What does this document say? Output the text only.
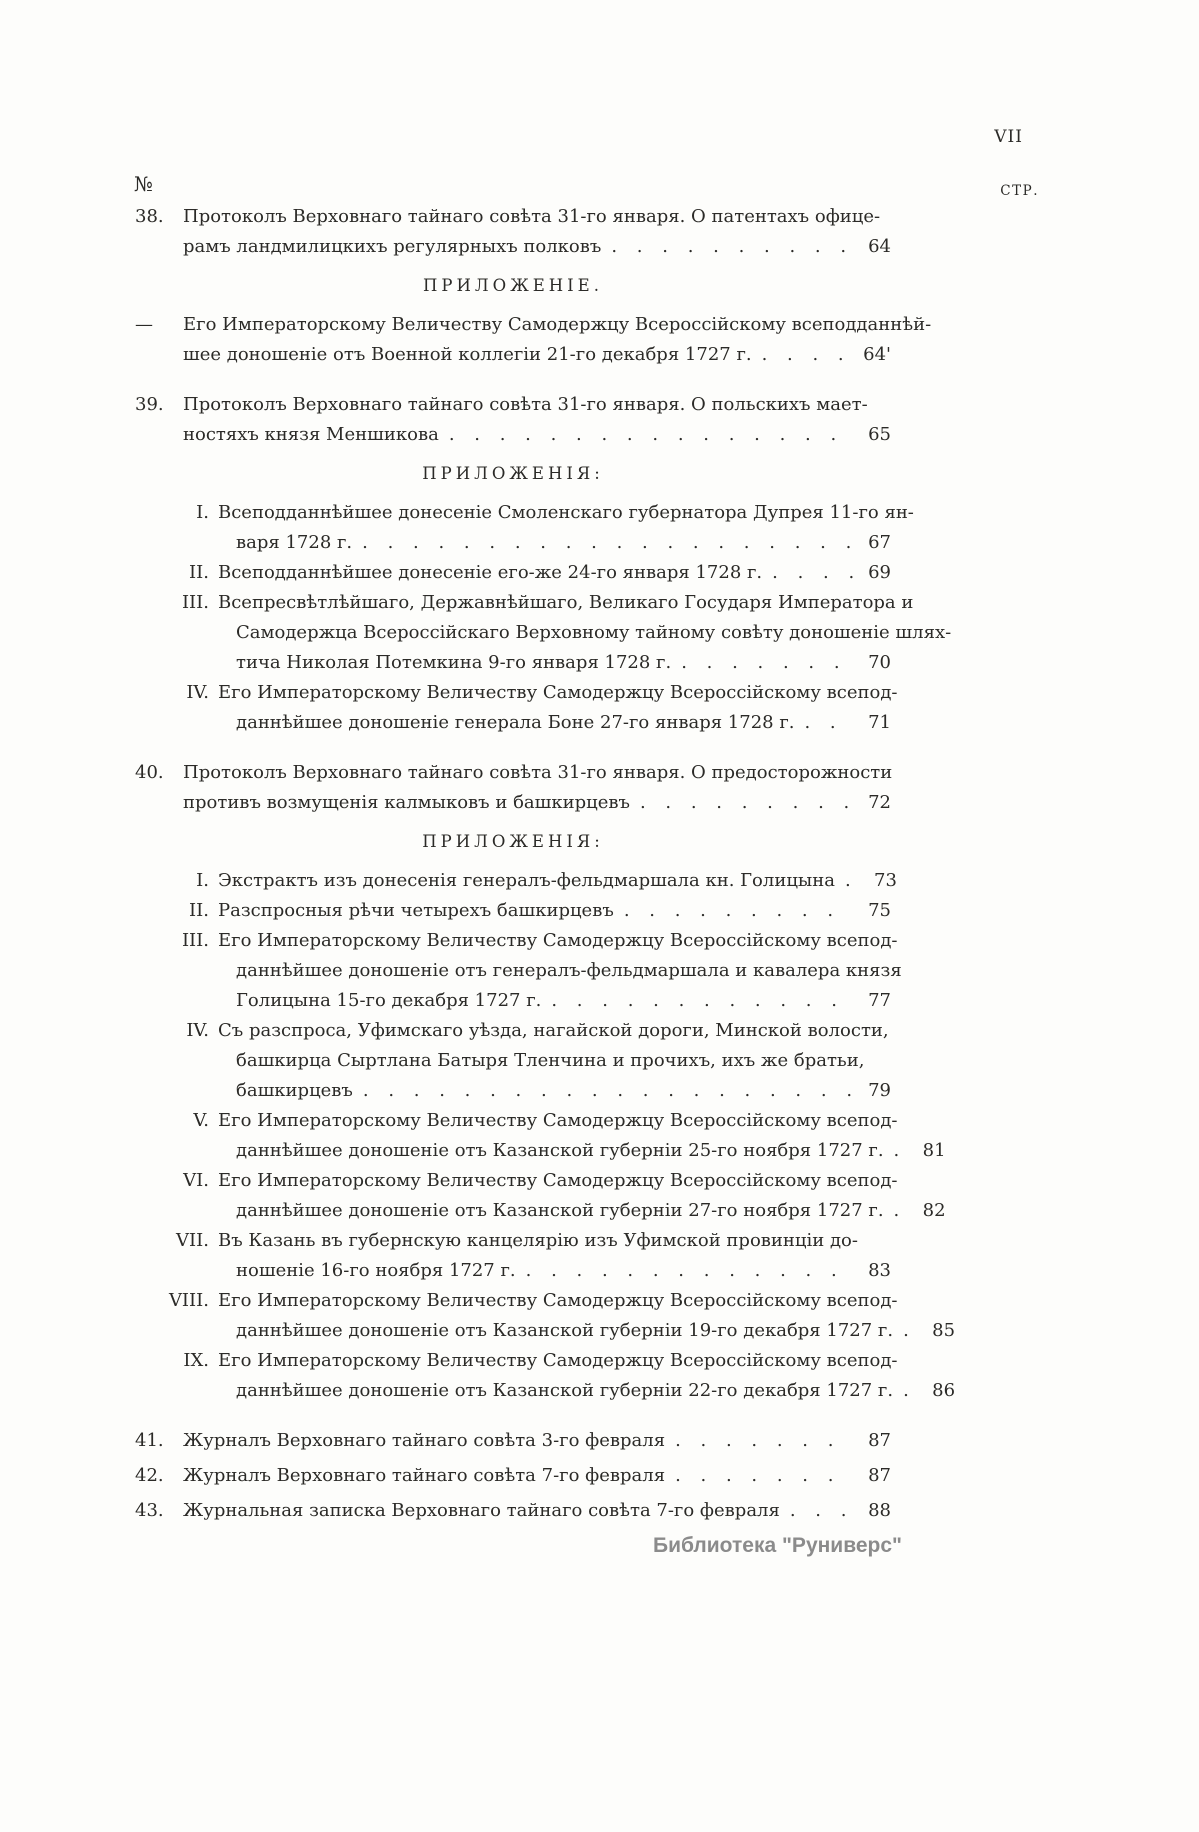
VII
№	СТР.
38.	Протоколъ Верховнаго тайнаго совѣта 31-го января. О патентахъ офице-
рамъ ландмилицкихъ регулярныхъ полковъ . . .	64
ПРИЛОЖЕНІЕ.
—	Его Императорскому Величеству Самодержцу Всероссійскому всеподданнѣй-
шее доношеніе отъ Военной коллегіи 21-го декабря 1727 г. . . .	64'
39.	Протоколъ Верховнаго тайнаго совѣта 31-го января. О польскихъ мает-
ностяхъ князя Меншикова . . .	65
ПРИЛОЖЕНІЯ:
I. Всеподданнѣйшее донесеніе Смоленскаго губернатора Дупрея 11-го ян-
варя 1728 г. . . .	67
II. Всеподданнѣйшее донесеніе его-же 24-го января 1728 г. . . .	69
III. Всепресвѣтлѣйшаго, Державнѣйшаго, Великаго Государя Императора и
Самодержца Всероссійскаго Верховному тайному совѣту доношеніе шлях-
тича Николая Потемкина 9-го января 1728 г. . . .	70
IV. Его Императорскому Величеству Самодержцу Всероссійскому всепод-
даннѣйшее доношеніе генерала Боне 27-го января 1728 г. . . .	71
40.	Протоколъ Верховнаго тайнаго совѣта 31-го января. О предосторожности
противъ возмущенія калмыковъ и башкирцевъ . . .	72
ПРИЛОЖЕНІЯ:
I. Экстрактъ изъ донесенія генералъ-фельдмаршала кн. Голицына . . .	73
II. Разспросныя рѣчи четырехъ башкирцевъ . . .	75
III. Его Императорскому Величеству Самодержцу Всероссійскому всепод-
даннѣйшее доношеніе отъ генералъ-фельдмаршала и кавалера князя
Голицына 15-го декабря 1727 г. . . .	77
IV. Съ разспроса, Уфимскаго уѣзда, нагайской дороги, Минской волости,
башкирца Сыртлана Батыря Тленчина и прочихъ, ихъ же братьи,
башкирцевъ . . .	79
V. Его Императорскому Величеству Самодержцу Всероссійскому всепод-
даннѣйшее доношеніе отъ Казанской губерніи 25-го ноября 1727 г. . . .	81
VI. Его Императорскому Величеству Самодержцу Всероссійскому всепод-
даннѣйшее доношеніе отъ Казанской губерніи 27-го ноября 1727 г. . . .	82
VII. Въ Казань въ губернскую канцелярію изъ Уфимской провинціи до-
ношеніе 16-го ноября 1727 г. . . .	83
VIII. Его Императорскому Величеству Самодержцу Всероссійскому всепод-
даннѣйшее доношеніе отъ Казанской губерніи 19-го декабря 1727 г. . . .	85
IX. Его Императорскому Величеству Самодержцу Всероссійскому всепод-
даннѣйшее доношеніе отъ Казанской губерніи 22-го декабря 1727 г. . . .	86
41.	Журналъ Верховнаго тайнаго совѣта 3-го февраля . . .	87
42.	Журналъ Верховнаго тайнаго совѣта 7-го февраля . . .	87
43.	Журнальная записка Верховнаго тайнаго совѣта 7-го февраля . . .	88
Библиотека "Руниверс"
